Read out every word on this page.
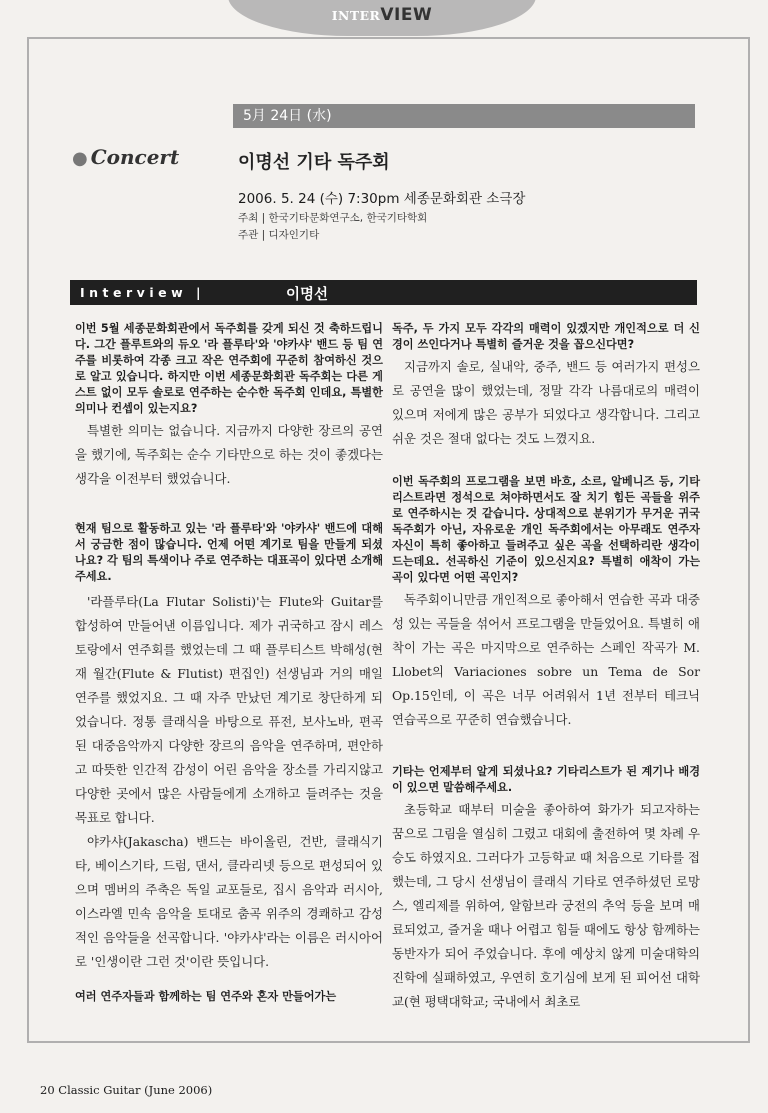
INTERVIEW
5月 24日 (水)
● Concert	이명선 기타 독주회
2006. 5. 24 (수) 7:30pm 세종문화회관 소극장
주최 | 한국기타문화연구소, 한국기타학회
주관 | 디자인기타
Interview |	이명선

이번 5월 세종문화회관에서 독주회를 갖게 되신 것 축하드립니다. 그간 플루트와의 듀오 '라 플루타'와 '야카샤' 밴드 등 팀 연주를 비롯하여 각종 크고 작은 연주회에 꾸준히 참여하신 것으로 알고 있습니다. 하지만 이번 세종문화회관 독주회는 다른 게스트 없이 모두 솔로로 연주하는 순수한 독주회 인데요, 특별한 의미나 컨셉이 있는지요?

특별한 의미는 없습니다. 지금까지 다양한 장르의 공연을 했기에, 독주회는 순수 기타만으로 하는 것이 좋겠다는 생각을 이전부터 했었습니다.

현재 팀으로 활동하고 있는 '라 플루타'와 '야카샤' 밴드에 대해서 궁금한 점이 많습니다. 언제 어떤 계기로 팀을 만들게 되셨나요? 각 팀의 특색이나 주로 연주하는 대표곡이 있다면 소개해주세요.

'라플루타(La Flutar Solisti)'는 Flute와 Guitar를 합성하여 만들어낸 이름입니다. 제가 귀국하고 잠시 레스토랑에서 연주회를 했었는데 그 때 플루티스트 박해성(현재 월간(Flute & Flutist) 편집인) 선생님과 거의 매일 연주를 했었지요. 그 때 자주 만났던 계기로 창단하게 되었습니다. 정통 클래식을 바탕으로 퓨전, 보사노바, 편곡된 대중음악까지 다양한 장르의 음악을 연주하며, 편안하고 따뜻한 인간적 감성이 어린 음악을 장소를 가리지않고 다양한 곳에서 많은 사람들에게 소개하고 들려주는 것을 목표로 합니다.

야카샤(Jakascha) 밴드는 바이올린, 건반, 클래식기타, 베이스기타, 드럼, 댄서, 클라리넷 등으로 편성되어 있으며 멤버의 주축은 독일 교포들로, 집시 음악과 러시아, 이스라엘 민속 음악을 토대로 춤곡 위주의 경쾌하고 감성적인 음악들을 선곡합니다. '야카샤'라는 이름은 러시아어로 '인생이란 그런 것'이란 뜻입니다.

여러 연주자들과 함께하는 팀 연주와 혼자 만들어가는

독주, 두 가지 모두 각각의 매력이 있겠지만 개인적으로 더 신경이 쓰인다거나 특별히 즐거운 것을 꼽으신다면?

지금까지 솔로, 실내악, 중주, 밴드 등 여러가지 편성으로 공연을 많이 했었는데, 정말 각각 나름대로의 매력이 있으며 저에게 많은 공부가 되었다고 생각합니다. 그리고 쉬운 것은 절대 없다는 것도 느꼈지요.

이번 독주회의 프로그램을 보면 바흐, 소르, 알베니즈 등, 기타리스트라면 정석으로 쳐야하면서도 잘 치기 힘든 곡들을 위주로 연주하시는 것 같습니다. 상대적으로 분위기가 무거운 귀국독주회가 아닌, 자유로운 개인 독주회에서는 아무래도 연주자 자신이 특히 좋아하고 들려주고 싶은 곡을 선택하리란 생각이 드는데요. 선곡하신 기준이 있으신지요? 특별히 애착이 가는 곡이 있다면 어떤 곡인지?

독주회이니만큼 개인적으로 좋아해서 연습한 곡과 대중성 있는 곡들을 섞어서 프로그램을 만들었어요. 특별히 애착이 가는 곡은 마지막으로 연주하는 스페인 작곡가 M. Llobet의 Variaciones sobre un Tema de Sor Op.15인데, 이 곡은 너무 어려워서 1년 전부터 테크닉 연습곡으로 꾸준히 연습했습니다.

기타는 언제부터 알게 되셨나요? 기타리스트가 된 계기나 배경이 있으면 말씀해주세요.

초등학교 때부터 미술을 좋아하여 화가가 되고자하는 꿈으로 그림을 열심히 그렸고 대회에 출전하여 몇 차례 우승도 하였지요. 그러다가 고등학교 때 처음으로 기타를 접했는데, 그 당시 선생님이 클래식 기타로 연주하셨던 로망스, 엘리제를 위하여, 알함브라 궁전의 추억 등을 보며 매료되었고, 즐거울 때나 어렵고 힘들 때에도 항상 함께하는 동반자가 되어 주었습니다. 후에 예상치 않게 미술대학의 진학에 실패하였고, 우연히 호기심에 보게 된 피어선 대학교(현 평택대학교; 국내에서 최초로

20 Classic Guitar (June 2006)
